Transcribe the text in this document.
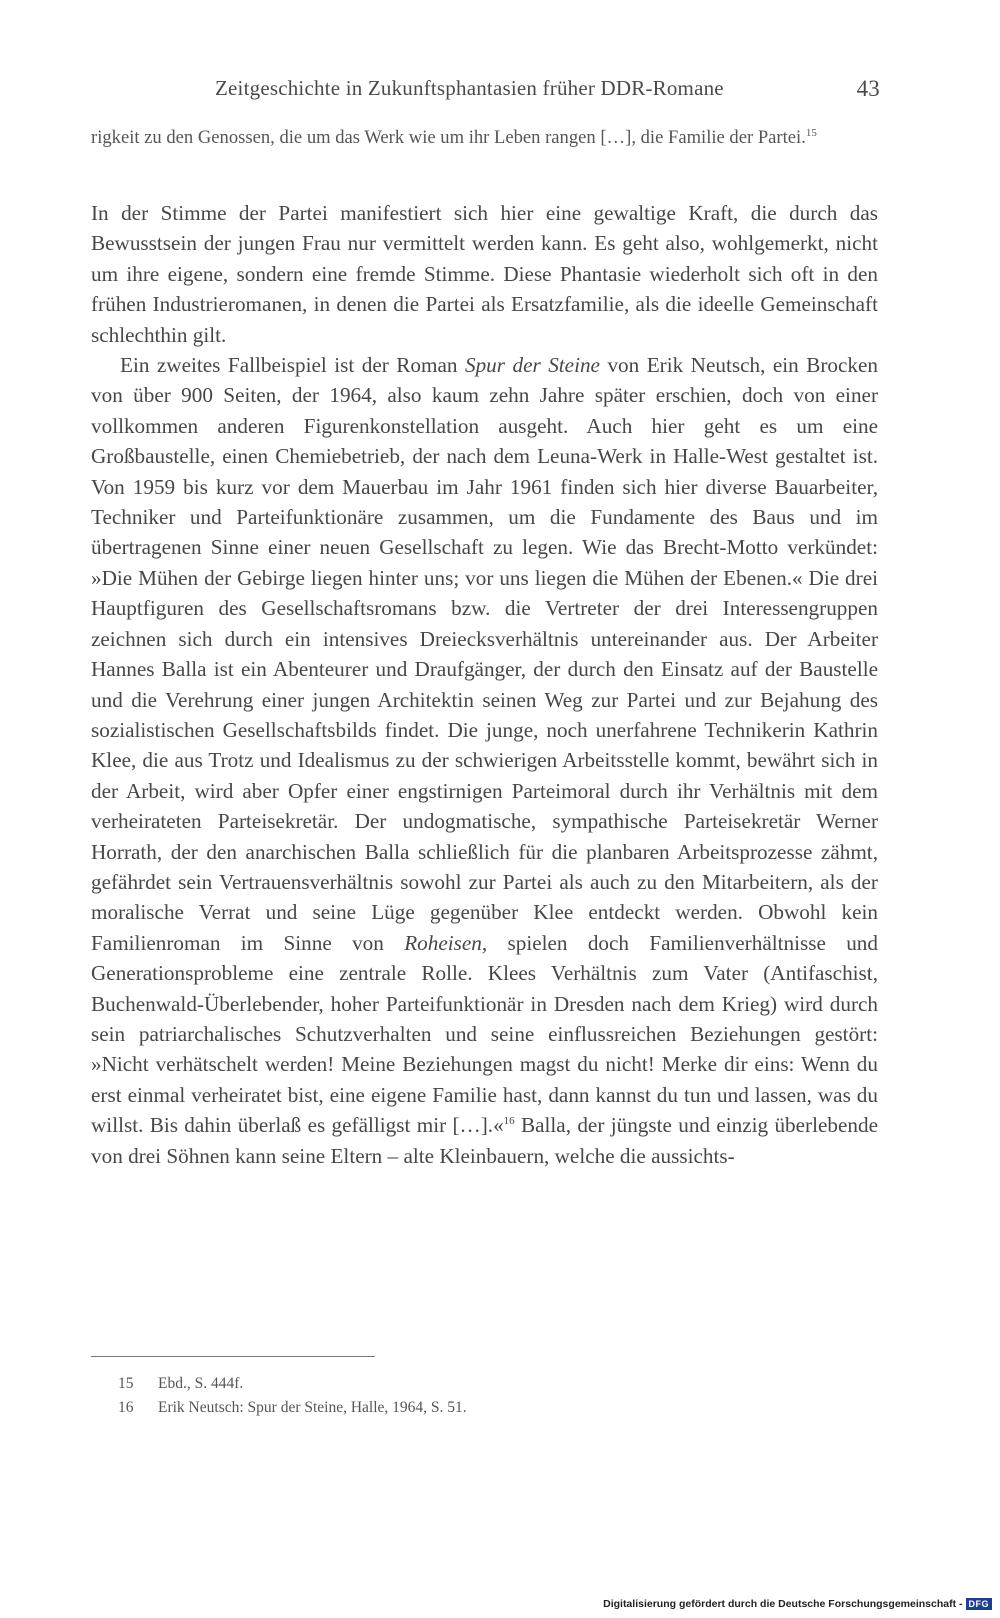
Zeitgeschichte in Zukunftsphantasien früher DDR-Romane	43
rigkeit zu den Genossen, die um das Werk wie um ihr Leben rangen […], die Familie der Partei.$^{15}$

In der Stimme der Partei manifestiert sich hier eine gewaltige Kraft, die durch das Bewusstsein der jungen Frau nur vermittelt werden kann. Es geht also, wohlgemerkt, nicht um ihre eigene, sondern eine fremde Stimme. Diese Phantasie wiederholt sich oft in den frühen Industrieromanen, in denen die Partei als Ersatzfamilie, als die ideelle Gemeinschaft schlechthin gilt.

Ein zweites Fallbeispiel ist der Roman Spur der Steine von Erik Neutsch, ein Brocken von über 900 Seiten, der 1964, also kaum zehn Jahre später erschien, doch von einer vollkommen anderen Figurenkonstellation ausgeht. Auch hier geht es um eine Großbaustelle, einen Chemiebetrieb, der nach dem Leuna-Werk in Halle-West gestaltet ist. Von 1959 bis kurz vor dem Mauerbau im Jahr 1961 finden sich hier diverse Bauarbeiter, Techniker und Parteifunktionäre zusammen, um die Fundamente des Baus und im übertragenen Sinne einer neuen Gesellschaft zu legen. Wie das Brecht-Motto verkündet: »Die Mühen der Gebirge liegen hinter uns; vor uns liegen die Mühen der Ebenen.« Die drei Hauptfiguren des Gesellschaftsromans bzw. die Vertreter der drei Interessengruppen zeichnen sich durch ein intensives Dreiecksverhältnis untereinander aus. Der Arbeiter Hannes Balla ist ein Abenteurer und Draufgänger, der durch den Einsatz auf der Baustelle und die Verehrung einer jungen Architektin seinen Weg zur Partei und zur Bejahung des sozialistischen Gesellschaftsbilds findet. Die junge, noch unerfahrene Technikerin Kathrin Klee, die aus Trotz und Idealismus zu der schwierigen Arbeitsstelle kommt, bewährt sich in der Arbeit, wird aber Opfer einer engstirnigen Parteimoral durch ihr Verhältnis mit dem verheirateten Parteisekretär. Der undogmatische, sympathische Parteisekretär Werner Horrath, der den anarchischen Balla schließlich für die planbaren Arbeitsprozesse zähmt, gefährdet sein Vertrauensverhältnis sowohl zur Partei als auch zu den Mitarbeitern, als der moralische Verrat und seine Lüge gegenüber Klee entdeckt werden. Obwohl kein Familienroman im Sinne von Roheisen, spielen doch Familienverhältnisse und Generationsprobleme eine zentrale Rolle. Klees Verhältnis zum Vater (Antifaschist, Buchenwald-Überlebender, hoher Parteifunktionär in Dresden nach dem Krieg) wird durch sein patriarchalisches Schutzverhalten und seine einflussreichen Beziehungen gestört: »Nicht verhätschelt werden! Meine Beziehungen magst du nicht! Merke dir eins: Wenn du erst einmal verheiratet bist, eine eigene Familie hast, dann kannst du tun und lassen, was du willst. Bis dahin überlaß es gefälligst mir […].«$^{16}$ Balla, der jüngste und einzig überlebende von drei Söhnen kann seine Eltern – alte Kleinbauern, welche die aussichts-

15 Ebd., S. 444f.
16 Erik Neutsch: Spur der Steine, Halle, 1964, S. 51.
Digitalisierung gefördert durch die Deutsche Forschungsgemeinschaft - DFG
